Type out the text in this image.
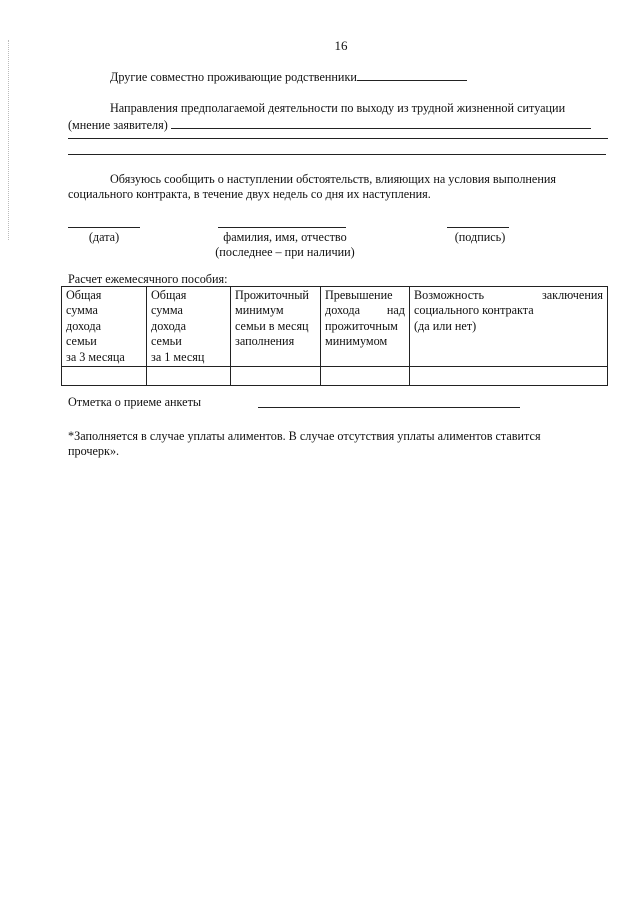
16
Другие совместно проживающие родственники
Направления предполагаемой деятельности по выходу из трудной жизненной ситуации
(мнение заявителя)
Обязуюсь сообщить о наступлении обстоятельств, влияющих на условия выполнения
социального контракта, в течение двух недель со дня их наступления.
(дата)	фамилия, имя, отчество
(последнее – при наличии)
(подпись)
Расчет ежемесячного пособия:
Общая
сумма
дохода
семьи
за 3 месяца	Общая
сумма
дохода
семьи
за 1 месяц	Прожиточный
минимум
семьи в месяц
заполнения	Превышение
дохода над
прожиточным
минимумом	Возможность заключения
социального контракта
(да или нет)

Отметка о приеме анкеты
*Заполняется в случае уплаты алиментов. В случае отсутствия уплаты алиментов ставится
прочерк».
